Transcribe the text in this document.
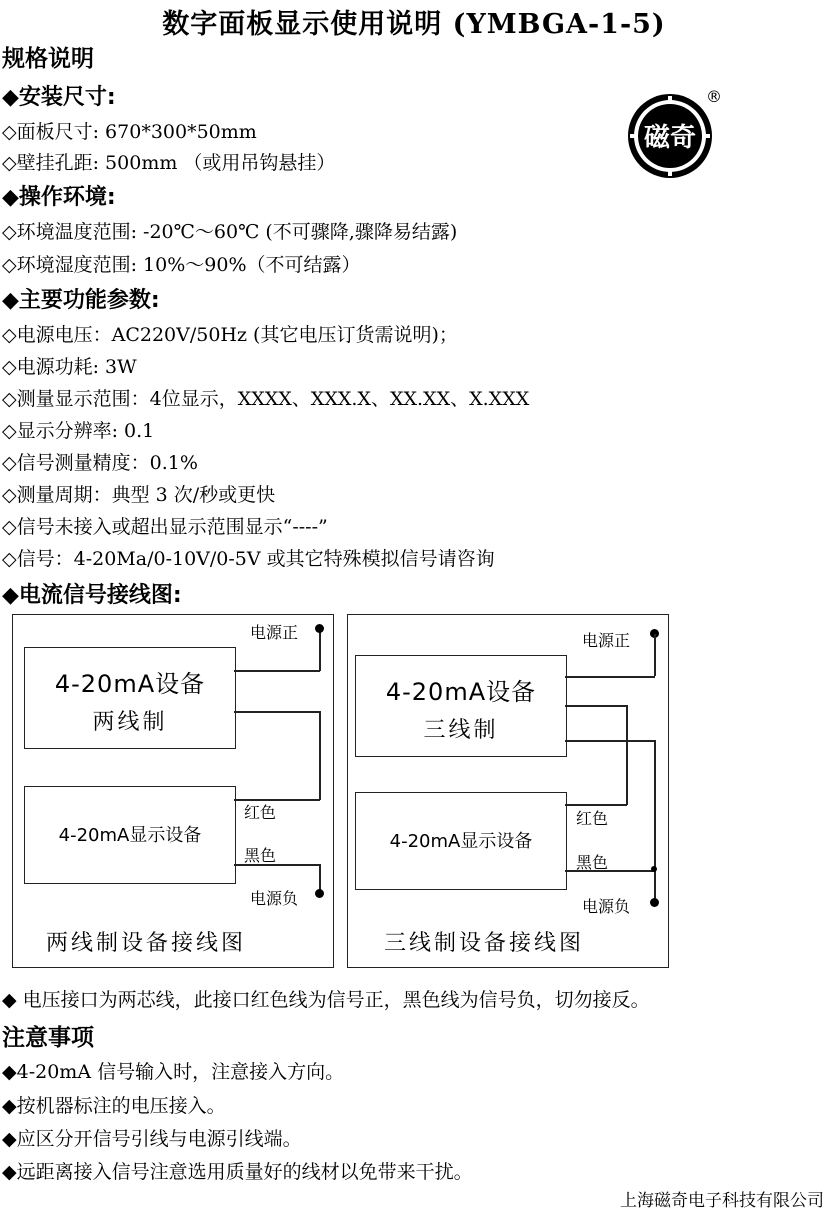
数字面板显示使用说明 (YMBGA-1-5)
规格说明
磁奇
®
◆安装尺寸:
◇面板尺寸: 670*300*50mm
◇壁挂孔距: 500mm （或用吊钩悬挂）
◆操作环境:
◇环境温度范围: -20℃～60℃ (不可骤降,骤降易结露)
◇环境湿度范围: 10%～90%（不可结露）
◆主要功能参数:
◇电源电压：AC220V/50Hz (其它电压订货需说明)；
◇电源功耗: 3W
◇测量显示范围：4位显示，XXXX、XXX.X、XX.XX、X.XXX
◇显示分辨率: 0.1
◇信号测量精度：0.1%
◇测量周期：典型 3 次/秒或更快
◇信号未接入或超出显示范围显示“----”
◇信号：4-20Ma/0-10V/0-5V 或其它特殊模拟信号请咨询
◆电流信号接线图:
4-20mA设备
两线制
4-20mA显示设备
电源正
红色
黑色
电源负
两线制设备接线图
4-20mA设备
三线制
4-20mA显示设备
电源正
红色
黑色
电源负
三线制设备接线图
◆ 电压接口为两芯线，此接口红色线为信号正，黑色线为信号负，切勿接反。
注意事项
◆4-20mA 信号输入时，注意接入方向。
◆按机器标注的电压接入。
◆应区分开信号引线与电源引线端。
◆远距离接入信号注意选用质量好的线材以免带来干扰。
上海磁奇电子科技有限公司
